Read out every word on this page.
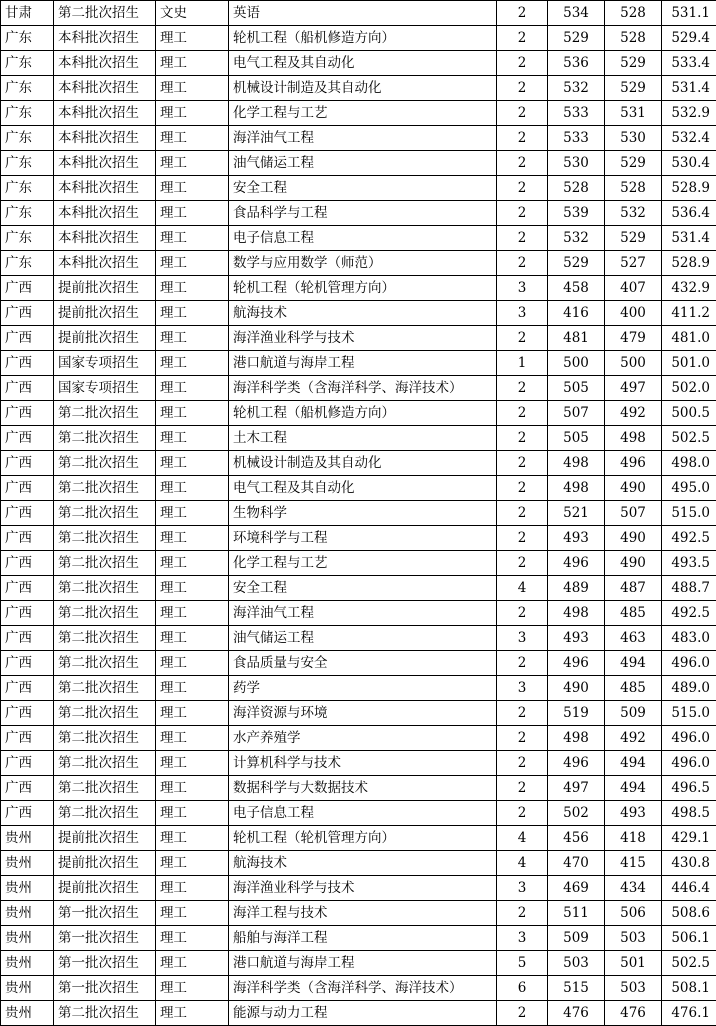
甘肃	第二批次招生	文史	英语	2	534	528	531.1
广东	本科批次招生	理工	轮机工程（船机修造方向）	2	529	528	529.4
广东	本科批次招生	理工	电气工程及其自动化	2	536	529	533.4
广东	本科批次招生	理工	机械设计制造及其自动化	2	532	529	531.4
广东	本科批次招生	理工	化学工程与工艺	2	533	531	532.9
广东	本科批次招生	理工	海洋油气工程	2	533	530	532.4
广东	本科批次招生	理工	油气储运工程	2	530	529	530.4
广东	本科批次招生	理工	安全工程	2	528	528	528.9
广东	本科批次招生	理工	食品科学与工程	2	539	532	536.4
广东	本科批次招生	理工	电子信息工程	2	532	529	531.4
广东	本科批次招生	理工	数学与应用数学（师范）	2	529	527	528.9
广西	提前批次招生	理工	轮机工程（轮机管理方向）	3	458	407	432.9
广西	提前批次招生	理工	航海技术	3	416	400	411.2
广西	提前批次招生	理工	海洋渔业科学与技术	2	481	479	481.0
广西	国家专项招生	理工	港口航道与海岸工程	1	500	500	501.0
广西	国家专项招生	理工	海洋科学类（含海洋科学、海洋技术）	2	505	497	502.0
广西	第二批次招生	理工	轮机工程（船机修造方向）	2	507	492	500.5
广西	第二批次招生	理工	土木工程	2	505	498	502.5
广西	第二批次招生	理工	机械设计制造及其自动化	2	498	496	498.0
广西	第二批次招生	理工	电气工程及其自动化	2	498	490	495.0
广西	第二批次招生	理工	生物科学	2	521	507	515.0
广西	第二批次招生	理工	环境科学与工程	2	493	490	492.5
广西	第二批次招生	理工	化学工程与工艺	2	496	490	493.5
广西	第二批次招生	理工	安全工程	4	489	487	488.7
广西	第二批次招生	理工	海洋油气工程	2	498	485	492.5
广西	第二批次招生	理工	油气储运工程	3	493	463	483.0
广西	第二批次招生	理工	食品质量与安全	2	496	494	496.0
广西	第二批次招生	理工	药学	3	490	485	489.0
广西	第二批次招生	理工	海洋资源与环境	2	519	509	515.0
广西	第二批次招生	理工	水产养殖学	2	498	492	496.0
广西	第二批次招生	理工	计算机科学与技术	2	496	494	496.0
广西	第二批次招生	理工	数据科学与大数据技术	2	497	494	496.5
广西	第二批次招生	理工	电子信息工程	2	502	493	498.5
贵州	提前批次招生	理工	轮机工程（轮机管理方向）	4	456	418	429.1
贵州	提前批次招生	理工	航海技术	4	470	415	430.8
贵州	提前批次招生	理工	海洋渔业科学与技术	3	469	434	446.4
贵州	第一批次招生	理工	海洋工程与技术	2	511	506	508.6
贵州	第一批次招生	理工	船舶与海洋工程	3	509	503	506.1
贵州	第一批次招生	理工	港口航道与海岸工程	5	503	501	502.5
贵州	第一批次招生	理工	海洋科学类（含海洋科学、海洋技术）	6	515	503	508.1
贵州	第二批次招生	理工	能源与动力工程	2	476	476	476.1
